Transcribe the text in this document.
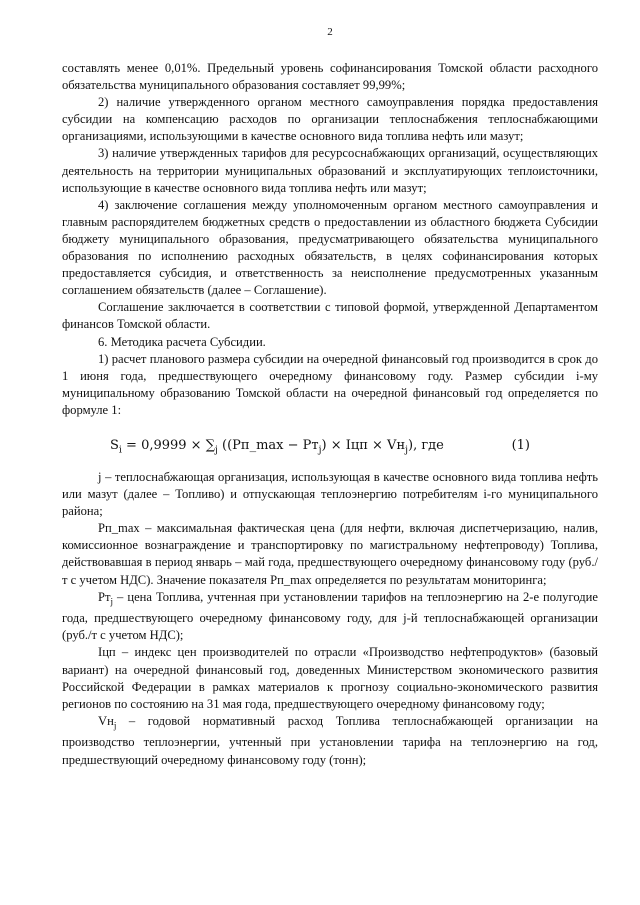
2

составлять менее 0,01%. Предельный уровень софинансирования Томской области расходного обязательства муниципального образования составляет 99,99%;

2) наличие утвержденного органом местного самоуправления порядка предоставления субсидии на компенсацию расходов по организации теплоснабжения теплоснабжающими организациями, использующими в качестве основного вида топлива нефть или мазут;

3) наличие утвержденных тарифов для ресурсоснабжающих организаций, осуществляющих деятельность на территории муниципальных образований и эксплуатирующих теплоисточники, использующие в качестве основного вида топлива нефть или мазут;

4) заключение соглашения между уполномоченным органом местного самоуправления и главным распорядителем бюджетных средств о предоставлении из областного бюджета Субсидии бюджету муниципального образования, предусматривающего обязательства муниципального образования по исполнению расходных обязательств, в целях софинансирования которых предоставляется субсидия, и ответственность за неисполнение предусмотренных указанным соглашением обязательств (далее – Соглашение).

Соглашение заключается в соответствии с типовой формой, утвержденной Департаментом финансов Томской области.

6. Методика расчета Субсидии.

1) расчет планового размера субсидии на очередной финансовый год производится в срок до 1 июня года, предшествующего очередному финансовому году. Размер субсидии i-му муниципальному образованию Томской области на очередной финансовый год определяется по формуле 1:

$S_i = 0,9999 \times \sum_j$ ((Рп_max − $Рт_j$) × Iцп × $Vн_j$), где	(1)

j – теплоснабжающая организация, использующая в качестве основного вида топлива нефть или мазут (далее – Топливо) и отпускающая теплоэнергию потребителям i-го муниципального района;

Рп_max – максимальная фактическая цена (для нефти, включая диспетчеризацию, налив, комиссионное вознаграждение и транспортировку по магистральному нефтепроводу) Топлива, действовавшая в период январь – май года, предшествующего очередному финансовому году (руб./т с учетом НДС). Значение показателя Рп_max определяется по результатам мониторинга;

$Рт_j$ – цена Топлива, учтенная при установлении тарифов на теплоэнергию на 2-е полугодие года, предшествующего очередному финансовому году, для j-й теплоснабжающей организации (руб./т с учетом НДС);

Iцп – индекс цен производителей по отрасли «Производство нефтепродуктов» (базовый вариант) на очередной финансовый год, доведенных Министерством экономического развития Российской Федерации в рамках материалов к прогнозу социально-экономического развития регионов по состоянию на 31 мая года, предшествующего очередному финансовому году;

$Vн_j$ – годовой нормативный расход Топлива теплоснабжающей организации на производство теплоэнергии, учтенный при установлении тарифа на теплоэнергию на год, предшествующий очередному финансовому году (тонн);
